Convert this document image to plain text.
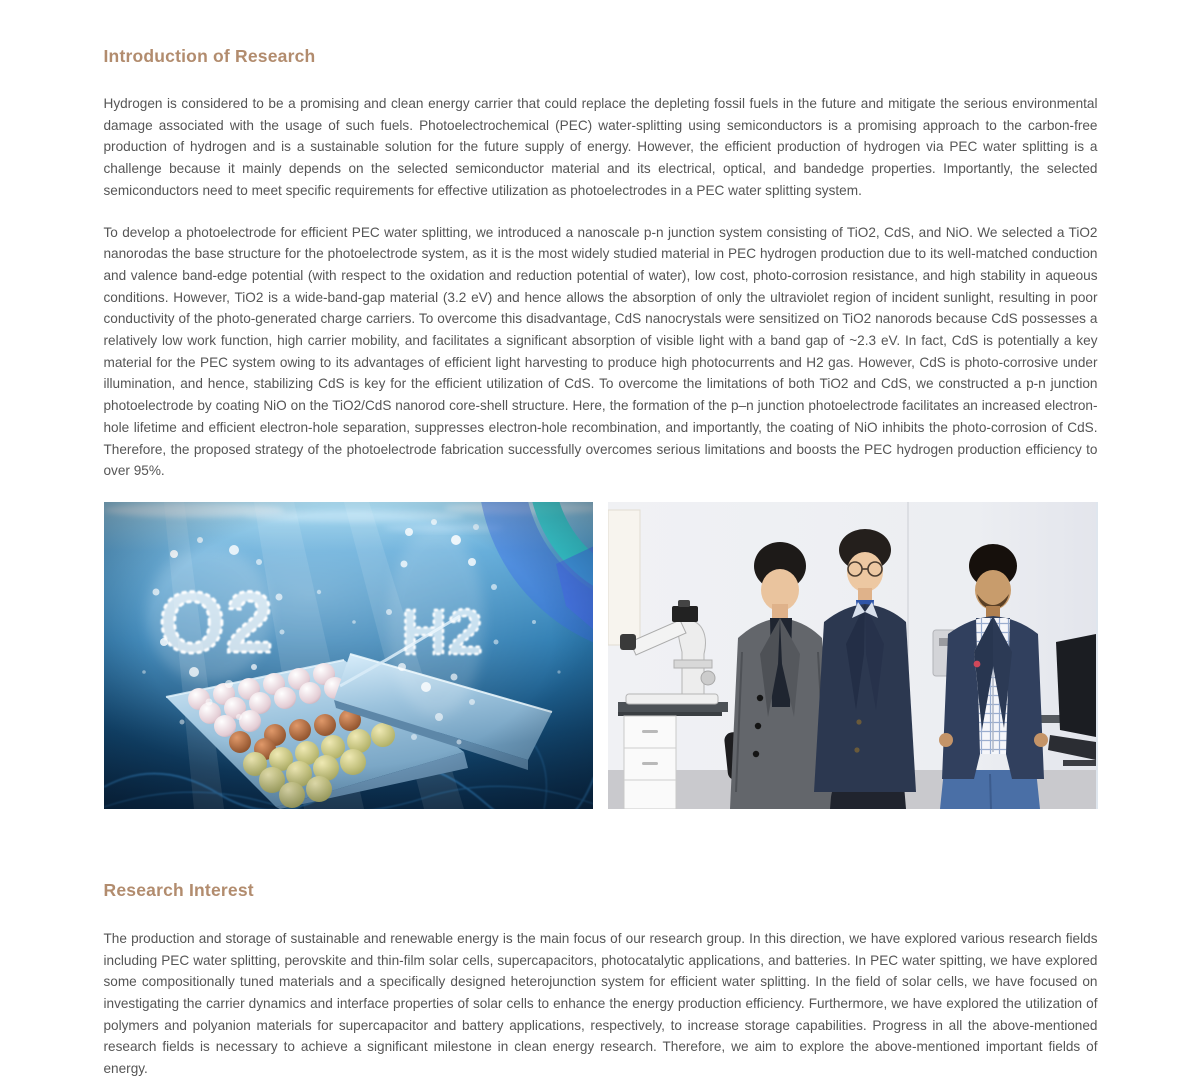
Introduction of Research

Hydrogen is considered to be a promising and clean energy carrier that could replace the depleting fossil fuels in the future and mitigate the serious environmental damage associated with the usage of such fuels. Photoelectrochemical (PEC) water-splitting using semiconductors is a promising approach to the carbon-free production of hydrogen and is a sustainable solution for the future supply of energy. However, the efficient production of hydrogen via PEC water splitting is a challenge because it mainly depends on the selected semiconductor material and its electrical, optical, and bandedge properties. Importantly, the selected semiconductors need to meet specific requirements for effective utilization as photoelectrodes in a PEC water splitting system.

To develop a photoelectrode for efficient PEC water splitting, we introduced a nanoscale p-n junction system consisting of TiO2, CdS, and NiO. We selected a TiO2 nanorodas the base structure for the photoelectrode system, as it is the most widely studied material in PEC hydrogen production due to its well-matched conduction and valence band-edge potential (with respect to the oxidation and reduction potential of water), low cost, photo-corrosion resistance, and high stability in aqueous conditions. However, TiO2 is a wide-band-gap material (3.2 eV) and hence allows the absorption of only the ultraviolet region of incident sunlight, resulting in poor conductivity of the photo-generated charge carriers. To overcome this disadvantage, CdS nanocrystals were sensitized on TiO2 nanorods because CdS possesses a relatively low work function, high carrier mobility, and facilitates a significant absorption of visible light with a band gap of ~2.3 eV. In fact, CdS is potentially a key material for the PEC system owing to its advantages of efficient light harvesting to produce high photocurrents and H2 gas. However, CdS is photo-corrosive under illumination, and hence, stabilizing CdS is key for the efficient utilization of CdS. To overcome the limitations of both TiO2 and CdS, we constructed a p-n junction photoelectrode by coating NiO on the TiO2/CdS nanorod core-shell structure. Here, the formation of the p–n junction photoelectrode facilitates an increased electron-hole lifetime and efficient electron-hole separation, suppresses electron-hole recombination, and importantly, the coating of NiO inhibits the photo-corrosion of CdS. Therefore, the proposed strategy of the photoelectrode fabrication successfully overcomes serious limitations and boosts the PEC hydrogen production efficiency to over 95%.

Research Interest

The production and storage of sustainable and renewable energy is the main focus of our research group. In this direction, we have explored various research fields including PEC water splitting, perovskite and thin-film solar cells, supercapacitors, photocatalytic applications, and batteries. In PEC water spitting, we have explored some compositionally tuned materials and a specifically designed heterojunction system for efficient water splitting. In the field of solar cells, we have focused on investigating the carrier dynamics and interface properties of solar cells to enhance the energy production efficiency. Furthermore, we have explored the utilization of polymers and polyanion materials for supercapacitor and battery applications, respectively, to increase storage capabilities. Progress in all the above-mentioned research fields is necessary to achieve a significant milestone in clean energy research. Therefore, we aim to explore the above-mentioned important fields of energy.
